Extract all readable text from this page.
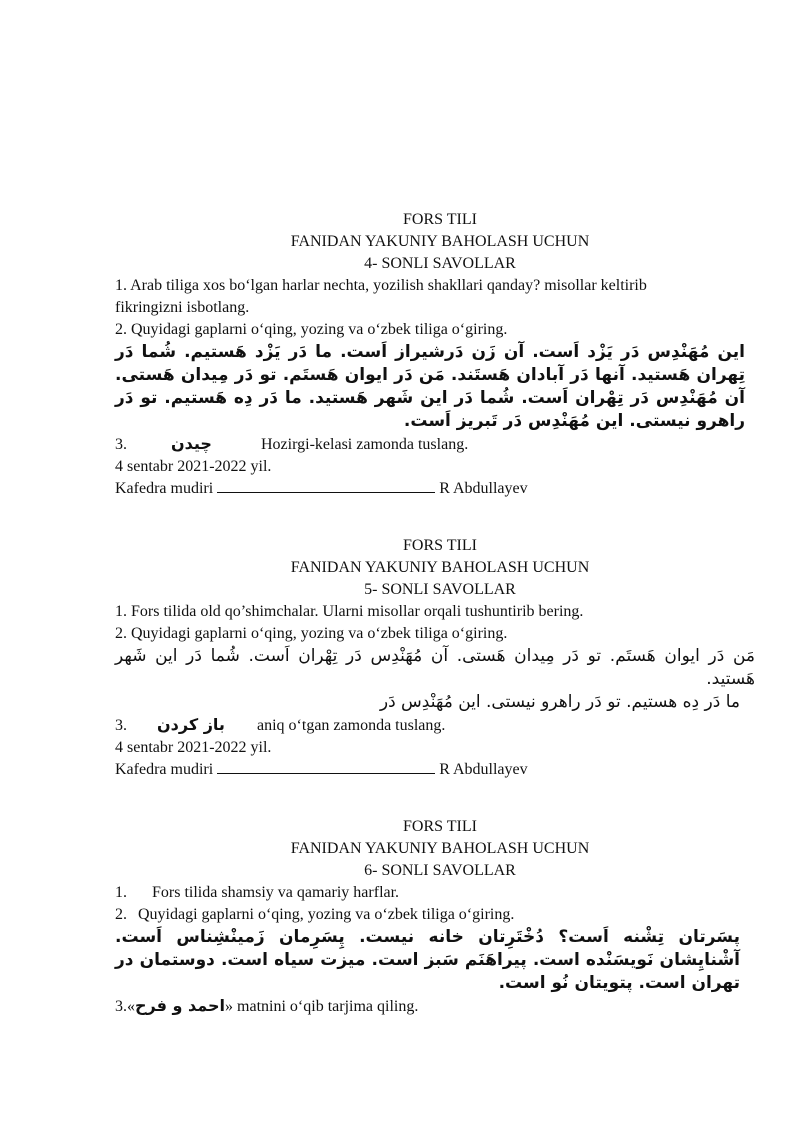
FORS TILI
FANIDAN YAKUNIY BAHOLASH UCHUN
4- SONLI SAVOLLAR
1. Arab tiliga xos bo‘lgan harlar nechta, yozilish shakllari qanday? misollar keltirib fikringizni isbotlang.
2. Quyidagi gaplarni o‘qing, yozing va o‘zbek tiliga o‘giring.
این مُهَنْدِس دَر یَزْد اَست. آن زَن دَرشیراز اَست. ما دَر یَزْد هَستیم. شُما دَر تِهران هَستید. آنها دَر آبادان هَستَند. مَن دَر ایوان هَستَم. تو دَر مِیدان هَستی. آن مُهَنْدِس دَر تِهْران اَست. شُما دَر این شَهر هَستید. ما دَر دِه هَستیم. تو دَر راهرو نیستی. این مُهَنْدِس دَر تَبریز اَست.
3.	چیدن	Hozirgi-kelasi zamonda tuslang.
4 sentabr 2021-2022 yil.
Kafedra mudiri	R Abdullayev
FORS TILI
FANIDAN YAKUNIY BAHOLASH UCHUN
5- SONLI SAVOLLAR
1. Fors tilida old qo’shimchalar. Ularni misollar orqali tushuntirib bering.
2. Quyidagi gaplarni o‘qing, yozing va o‘zbek tiliga o‘giring.
مَن دَر ایوان هَستَم. تو دَر مِیدان هَستی. آن مُهَنْدِس دَر تِهْران اَست. شُما دَر این شَهر هَستید.
ما دَر دِه هستیم. تو دَر راهرو نیستی. این مُهَنْدِس دَر
3. باز کردن aniq o‘tgan zamonda tuslang.
4 sentabr 2021-2022 yil.
Kafedra mudiri	R Abdullayev
FORS TILI
FANIDAN YAKUNIY BAHOLASH UCHUN
6- SONLI SAVOLLAR
1. Fors tilida shamsiy va qamariy harflar.
2. Quyidagi gaplarni o‘qing, yozing va o‘zbek tiliga o‘giring.
پسَرتان تِشْنه اَست؟ دُخْتَرِتان خانه نیست. پِسَرِمان زَمینْشِناس اَست. آشْنایِشان نَویسَنْده است. پیراهَنَم سَبز است. میزت سیاه است. دوستمان در تهران است. پتویتان نُو است.
3.«احمد و فرح» matnini o‘qib tarjima qiling.
